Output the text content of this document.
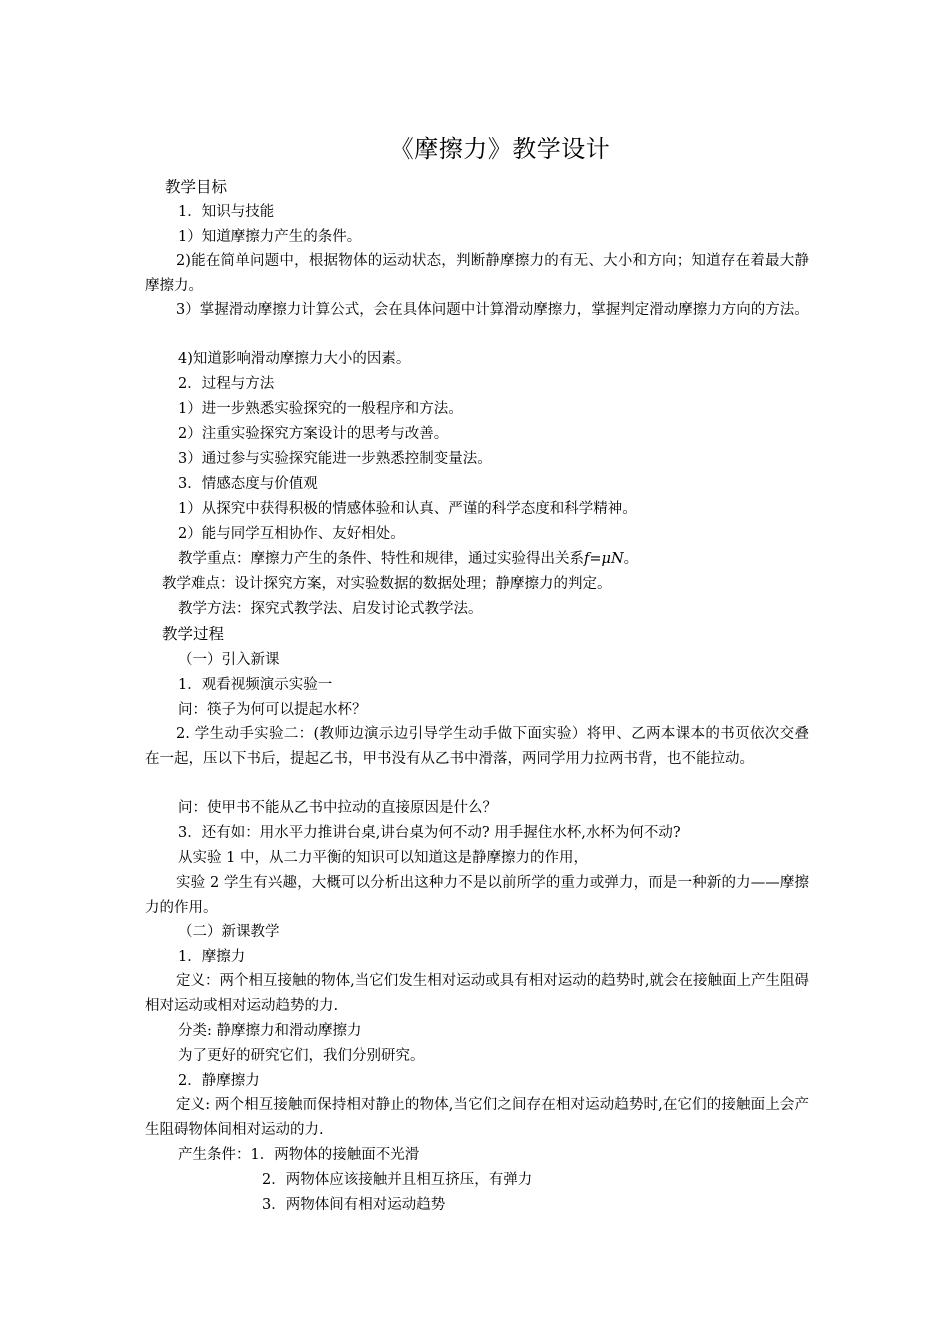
《摩擦力》教学设计
教学目标
1．知识与技能
1）知道摩擦力产生的条件。
2)能在简单问题中，根据物体的运动状态，判断静摩擦力的有无、大小和方向；知道存在着最大静摩擦力。
3）掌握滑动摩擦力计算公式，会在具体问题中计算滑动摩擦力，掌握判定滑动摩擦力方向的方法。
4)知道影响滑动摩擦力大小的因素。
2．过程与方法
1）进一步熟悉实验探究的一般程序和方法。
2）注重实验探究方案设计的思考与改善。
3）通过参与实验探究能进一步熟悉控制变量法。
3．情感态度与价值观
1）从探究中获得积极的情感体验和认真、严谨的科学态度和科学精神。
2）能与同学互相协作、友好相处。
教学重点：摩擦力产生的条件、特性和规律，通过实验得出关系f=μN。
教学难点：设计探究方案，对实验数据的数据处理；静摩擦力的判定。
教学方法：探究式教学法、启发讨论式教学法。
教学过程
（一）引入新课
1．观看视频演示实验一
问：筷子为何可以提起水杯？
2. 学生动手实验二：(教师边演示边引导学生动手做下面实验）将甲、乙两本课本的书页依次交叠在一起，压以下书后，提起乙书，甲书没有从乙书中滑落，两同学用力拉两书背，也不能拉动。
问：使甲书不能从乙书中拉动的直接原因是什么？
3．还有如：用水平力推讲台桌,讲台桌为何不动? 用手握住水杯,水杯为何不动?
从实验 1 中，从二力平衡的知识可以知道这是静摩擦力的作用，
实验 2 学生有兴趣，大概可以分析出这种力不是以前所学的重力或弹力，而是一种新的力——摩擦力的作用。
（二）新课教学
1．摩擦力
定义：两个相互接触的物体,当它们发生相对运动或具有相对运动的趋势时,就会在接触面上产生阻碍相对运动或相对运动趋势的力.
分类: 静摩擦力和滑动摩擦力
为了更好的研究它们，我们分别研究。
2．静摩擦力
定义: 两个相互接触而保持相对静止的物体,当它们之间存在相对运动趋势时,在它们的接触面上会产生阻碍物体间相对运动的力.
产生条件：1．两物体的接触面不光滑
2．两物体应该接触并且相互挤压，有弹力
3．两物体间有相对运动趋势
